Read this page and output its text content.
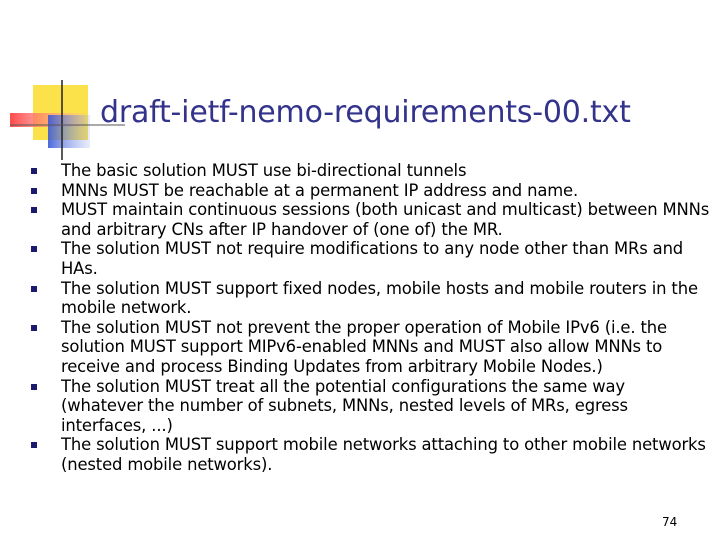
draft-ietf-nemo-requirements-00.txt
The basic solution MUST use bi-directional tunnels
MNNs MUST be reachable at a permanent IP address and name.
MUST maintain continuous sessions (both unicast and multicast) between MNNs and arbitrary CNs after IP handover of (one of) the MR.
The solution MUST not require modifications to any node other than MRs and HAs.
The solution MUST support fixed nodes, mobile hosts and mobile routers in the mobile network.
The solution MUST not prevent the proper operation of Mobile IPv6 (i.e. the solution MUST support MIPv6-enabled MNNs and MUST also allow MNNs to receive and process Binding Updates from arbitrary Mobile Nodes.)
The solution MUST treat all the potential configurations the same way (whatever the number of subnets, MNNs, nested levels of MRs, egress interfaces, ...)
The solution MUST support mobile networks attaching to other mobile networks (nested mobile networks).
74
